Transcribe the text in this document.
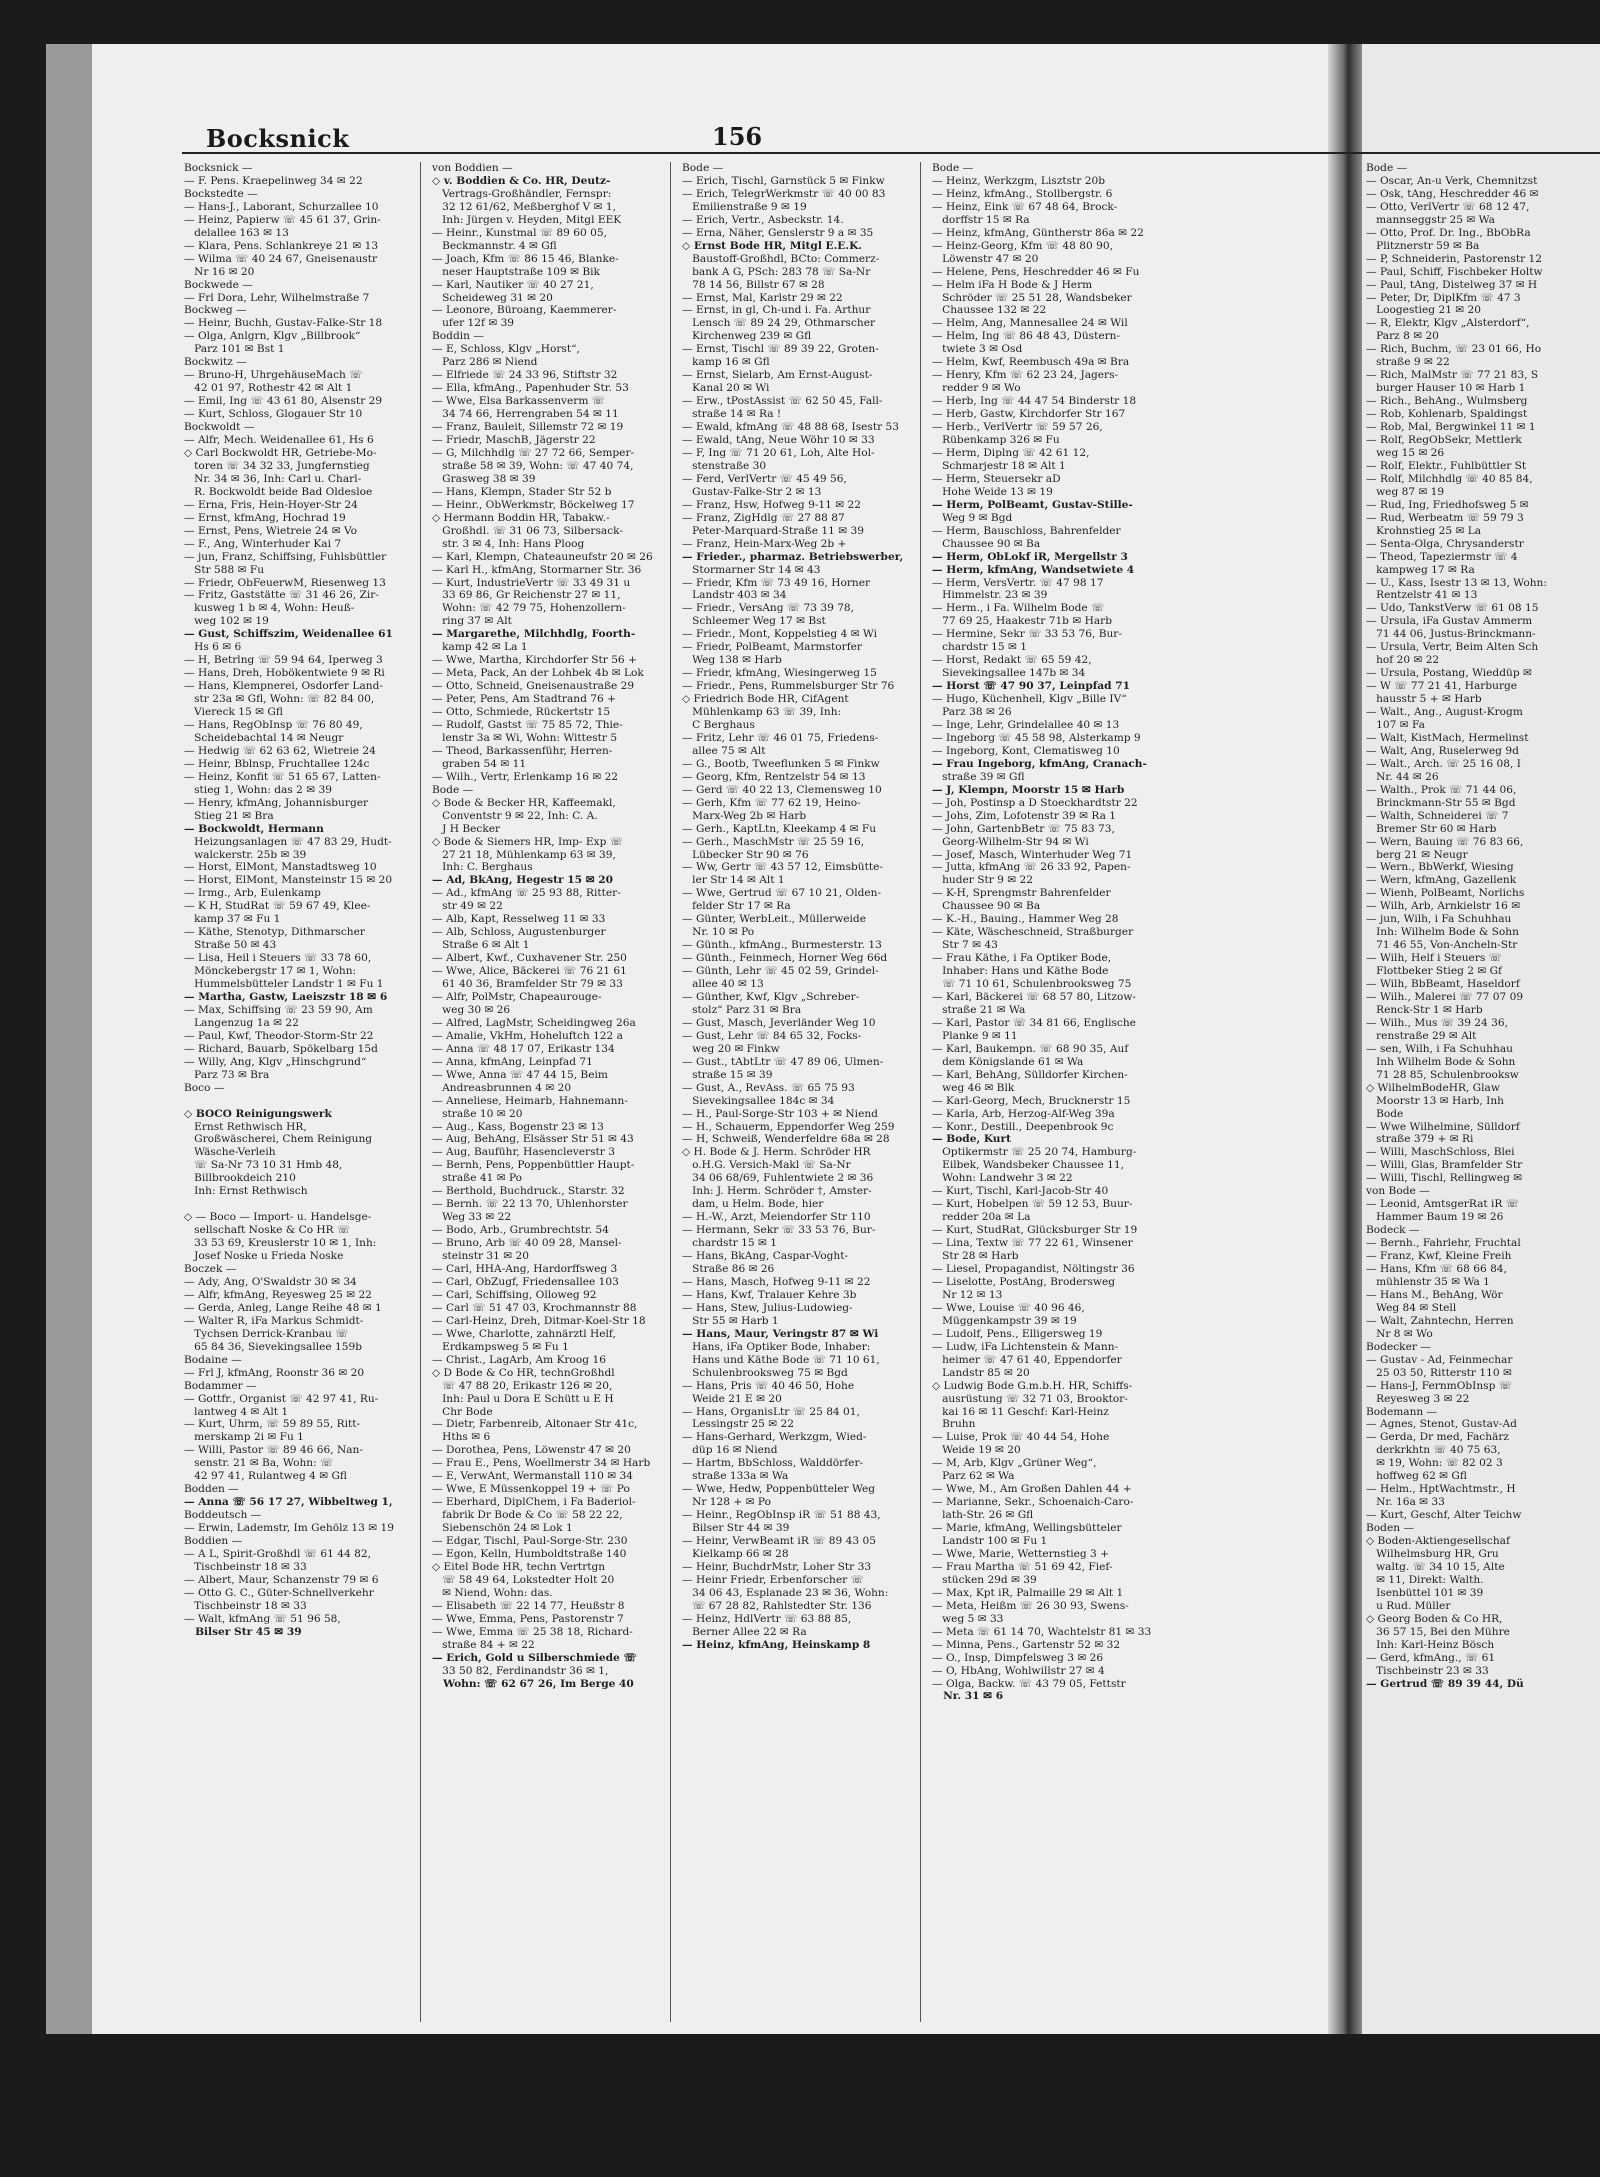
Bode —
— Oscar, An-u Verk, Chemnitzst
— Osk, tAng, Heschredder 46 ✉
— Otto, VerlVertr ☏ 68 12 47,
mannseggstr 25 ✉ Wa
— Otto, Prof. Dr. Ing., BbObRa
Plitznerstr 59 ✉ Ba
— P, Schneiderin, Pastorenstr 12
— Paul, Schiff, Fischbeker Holtw
— Paul, tAng, Distelweg 37 ✉ H
— Peter, Dr, DiplKfm ☏ 47 3
Loogestieg 21 ✉ 20
— R, Elektr, Klgv „Alsterdorf“,
Parz 8 ✉ 20
— Rich, Buchm, ☏ 23 01 66, Ho
straße 9 ✉ 22
— Rich, MalMstr ☏ 77 21 83, S
burger Hauser 10 ✉ Harb 1
— Rich., BehAng., Wulmsberg
— Rob, Kohlenarb, Spaldingst
— Rob, Mal, Bergwinkel 11 ✉ 1
— Rolf, RegObSekr, Mettlerk
weg 15 ✉ 26
— Rolf, Elektr., Fuhlbüttler St
— Rolf, Milchhdlg ☏ 40 85 84,
weg 87 ✉ 19
— Rud, Ing, Friedhofsweg 5 ✉
— Rud, Werbeatm ☏ 59 79 3
Krohnstieg 25 ✉ La
— Senta-Olga, Chrysanderstr
— Theod, Tapeziermstr ☏ 4
kampweg 17 ✉ Ra
— U., Kass, Isestr 13 ✉ 13, Wohn:
Rentzelstr 41 ✉ 13
— Udo, TankstVerw ☏ 61 08 15
— Ursula, iFa Gustav Ammerm
71 44 06, Justus-Brinckmann-
— Ursula, Vertr, Beim Alten Sch
hof 20 ✉ 22
— Ursula, Postang, Wieddüp ✉
— W ☏ 77 21 41, Harburge
hausstr 5 + ✉ Harb
— Walt., Ang., August-Krogm
107 ✉ Fa
— Walt, KistMach, Hermelinst
— Walt, Ang, Ruselerweg 9d
— Walt., Arch. ☏ 25 16 08, I
Nr. 44 ✉ 26
— Walth., Prok ☏ 71 44 06,
Brinckmann-Str 55 ✉ Bgd
— Walth, Schneiderei ☏ 7
Bremer Str 60 ✉ Harb
— Wern, Bauing ☏ 76 83 66,
berg 21 ✉ Neugr
— Wern., BbWerkf, Wiesing
— Wern, kfmAng, Gazellenk
— Wienh, PolBeamt, Norlichs
— Wilh, Arb, Arnkielstr 16 ✉
— jun, Wilh, i Fa Schuhhau
Inh: Wilhelm Bode & Sohn
71 46 55, Von-Ancheln-Str
— Wilh, Helf i Steuers ☏
Flottbeker Stieg 2 ✉ Gf
— Wilh, BbBeamt, Haseldorf
— Wilh., Malerei ☏ 77 07 09
Renck-Str 1 ✉ Harb
— Wilh., Mus ☏ 39 24 36,
renstraße 29 ✉ Alt
— sen, Wilh, i Fa Schuhhau
Inh Wilhelm Bode & Sohn
71 28 85, Schulenbrooksw
◇ WilhelmBodeHR, Glaw
Moorstr 13 ✉ Harb, Inh
Bode
— Wwe Wilhelmine, Sülldorf
straße 379 + ✉ Ri
— Willi, MaschSchloss, Blei
— Willi, Glas, Bramfelder Str
— Willi, Tischl, Rellingweg ✉
von Bode —
— Leonid, AmtsgerRat iR ☏
Hammer Baum 19 ✉ 26
Bodeck —
— Bernh., Fahrlehr, Fruchtal
— Franz, Kwf, Kleine Freih
— Hans, Kfm ☏ 68 66 84,
mühlenstr 35 ✉ Wa 1
— Hans M., BehAng, Wör
Weg 84 ✉ Stell
— Walt, Zahntechn, Herren
Nr 8 ✉ Wo
Bodecker —
— Gustav - Ad, Feinmechar
25 03 50, Ritterstr 110 ✉
— Hans-J, FernmObInsp ☏
Reyesweg 3 ✉ 22
Bodemann —
— Agnes, Stenot, Gustav-Ad
— Gerda, Dr med, Fachärz
derkrkhtn ☏ 40 75 63,
✉ 19, Wohn: ☏ 82 02 3
hoffweg 62 ✉ Gfl
— Helm., HptWachtmstr., H
Nr. 16a ✉ 33
— Kurt, Geschf, Alter Teichw
Boden —
◇ Boden-Aktiengesellschaf
Wilhelmsburg HR, Gru
waltg. ☏ 34 10 15, Alte
✉ 11, Direkt: Walth.
Isenbüttel 101 ✉ 39
u Rud. Müller
◇ Georg Boden & Co HR,
36 57 15, Bei den Mühre
Inh: Karl-Heinz Bösch
— Gerd, kfmAng., ☏ 61
Tischbeinstr 23 ✉ 33
— Gertrud ☏ 89 39 44, Dü
Bocksnick	156
Bocksnick —
— F. Pens. Kraepelinweg 34 ✉ 22
Bockstedte —
— Hans-J., Laborant, Schurzallee 10
— Heinz, Papierw ☏ 45 61 37, Grin-
delallee 163 ✉ 13
— Klara, Pens. Schlankreye 21 ✉ 13
— Wilma ☏ 40 24 67, Gneisenaustr
Nr 16 ✉ 20
Bockwede —
— Frl Dora, Lehr, Wilhelmstraße 7
Bockweg —
— Heinr, Buchh, Gustav-Falke-Str 18
— Olga, Anlgrn, Klgv „Billbrook“
Parz 101 ✉ Bst 1
Bockwitz —
— Bruno-H, UhrgehäuseMach ☏
42 01 97, Rothestr 42 ✉ Alt 1
— Emil, Ing ☏ 43 61 80, Alsenstr 29
— Kurt, Schloss, Glogauer Str 10
Bockwoldt —
— Alfr, Mech. Weidenallee 61, Hs 6
◇ Carl Bockwoldt HR, Getriebe-Mo-
toren ☏ 34 32 33, Jungfernstieg
Nr. 34 ✉ 36, Inh: Carl u. Charl-
R. Bockwoldt beide Bad Oldesloe
— Erna, Fris, Hein-Hoyer-Str 24
— Ernst, kfmAng, Hochrad 19
— Ernst, Pens, Wietreie 24 ✉ Vo
— F., Ang, Winterhuder Kai 7
— jun, Franz, Schiffsing, Fuhlsbüttler
Str 588 ✉ Fu
— Friedr, ObFeuerwM, Riesenweg 13
— Fritz, Gaststätte ☏ 31 46 26, Zir-
kusweg 1 b ✉ 4, Wohn: Heuß-
weg 102 ✉ 19
— Gust, Schiffszim, Weidenallee 61
Hs 6 ✉ 6
— H, Betrlng ☏ 59 94 64, Iperweg 3
— Hans, Dreh, Hobökentwiete 9 ✉ Ri
— Hans, Klempnerei, Osdorfer Land-
str 23a ✉ Gfl, Wohn: ☏ 82 84 00,
Viereck 15 ✉ Gfl
— Hans, RegObInsp ☏ 76 80 49,
Scheidebachtal 14 ✉ Neugr
— Hedwig ☏ 62 63 62, Wietreie 24
— Heinr, Bblnsp, Fruchtallee 124c
— Heinz, Konfit ☏ 51 65 67, Latten-
stieg 1, Wohn: das 2 ✉ 39
— Henry, kfmAng, Johannisburger
Stieg 21 ✉ Bra
— Bockwoldt, Hermann
Heizungsanlagen ☏ 47 83 29, Hudt-
walckerstr. 25b ✉ 39
— Horst, ElMont, Manstadtsweg 10
— Horst, ElMont, Mansteinstr 15 ✉ 20
— Irmg., Arb, Eulenkamp
— K H, StudRat ☏ 59 67 49, Klee-
kamp 37 ✉ Fu 1
— Käthe, Stenotyp, Dithmarscher
Straße 50 ✉ 43
— Lisa, Heil i Steuers ☏ 33 78 60,
Mönckebergstr 17 ✉ 1, Wohn:
Hummelsbütteler Landstr 1 ✉ Fu 1
— Martha, Gastw, Laeiszstr 18 ✉ 6
— Max, Schiffsing ☏ 23 59 90, Am
Langenzug 1a ✉ 22
— Paul, Kwf, Theodor-Storm-Str 22
— Richard, Bauarb, Spökelbarg 15d
— Willy, Ang, Klgv „Hinschgrund“
Parz 73 ✉ Bra
Boco —

◇ BOCO Reinigungswerk
Ernst Rethwisch HR,
Großwäscherei, Chem Reinigung
Wäsche-Verleih
☏ Sa-Nr 73 10 31 Hmb 48,
Billbrookdeich 210
Inh: Ernst Rethwisch

◇ — Boco — Import- u. Handelsge-
sellschaft Noske & Co HR ☏
33 53 69, Kreuslerstr 10 ✉ 1, Inh:
Josef Noske u Frieda Noske
Boczek —
— Ady, Ang, O'Swaldstr 30 ✉ 34
— Alfr, kfmAng, Reyesweg 25 ✉ 22
— Gerda, Anleg, Lange Reihe 48 ✉ 1
— Walter R, iFa Markus Schmidt-
Tychsen Derrick-Kranbau ☏
65 84 36, Sievekingsallee 159b
Bodaine —
— Frl J, kfmAng, Roonstr 36 ✉ 20
Bodammer —
— Gottfr., Organist ☏ 42 97 41, Ru-
lantweg 4 ✉ Alt 1
— Kurt, Uhrm, ☏ 59 89 55, Ritt-
merskamp 2i ✉ Fu 1
— Willi, Pastor ☏ 89 46 66, Nan-
senstr. 21 ✉ Ba, Wohn: ☏
42 97 41, Rulantweg 4 ✉ Gfl
Bodden —
— Anna ☏ 56 17 27, Wibbeltweg 1,
Boddeutsch —
— Erwin, Lademstr, Im Gehölz 13 ✉ 19
Boddien —
— A L, Spirit-Großhdl ☏ 61 44 82,
Tischbeinstr 18 ✉ 33
— Albert, Maur, Schanzenstr 79 ✉ 6
— Otto G. C., Güter-Schnellverkehr
Tischbeinstr 18 ✉ 33
— Walt, kfmAng ☏ 51 96 58,
Bilser Str 45 ✉ 39
von Boddien —
◇ v. Boddien & Co. HR, Deutz-
Vertrags-Großhändler, Fernspr:
32 12 61/62, Meßberghof V ✉ 1,
Inh: Jürgen v. Heyden, Mitgl EEK
— Heinr., Kunstmal ☏ 89 60 05,
Beckmannstr. 4 ✉ Gfl
— Joach, Kfm ☏ 86 15 46, Blanke-
neser Hauptstraße 109 ✉ Bik
— Karl, Nautiker ☏ 40 27 21,
Scheideweg 31 ✉ 20
— Leonore, Büroang, Kaemmerer-
ufer 12f ✉ 39
Boddin —
— E, Schloss, Klgv „Horst“,
Parz 286 ✉ Niend
— Elfriede ☏ 24 33 96, Stiftstr 32
— Ella, kfmAng., Papenhuder Str. 53
— Wwe, Elsa Barkassenverm ☏
34 74 66, Herrengraben 54 ✉ 11
— Franz, Bauleit, Sillemstr 72 ✉ 19
— Friedr, MaschB, Jägerstr 22
— G, Milchhdlg ☏ 27 72 66, Semper-
straße 58 ✉ 39, Wohn: ☏ 47 40 74,
Grasweg 38 ✉ 39
— Hans, Klempn, Stader Str 52 b
— Heinr., ObWerkmstr, Böckelweg 17
◇ Hermann Boddin HR, Tabakw.-
Großhdl. ☏ 31 06 73, Silbersack-
str. 3 ✉ 4, Inh: Hans Ploog
— Karl, Klempn, Chateauneufstr 20 ✉ 26
— Karl H., kfmAng, Stormarner Str. 36
— Kurt, IndustrieVertr ☏ 33 49 31 u
33 69 86, Gr Reichenstr 27 ✉ 11,
Wohn: ☏ 42 79 75, Hohenzollern-
ring 37 ✉ Alt
— Margarethe, Milchhdlg, Foorth-
kamp 42 ✉ La 1
— Wwe, Martha, Kirchdorfer Str 56 +
— Meta, Pack, An der Lohbek 4b ✉ Lok
— Otto, Schneid, Gneisenaustraße 29
— Peter, Pens, Am Stadtrand 76 +
— Otto, Schmiede, Rückertstr 15
— Rudolf, Gastst ☏ 75 85 72, Thie-
lenstr 3a ✉ Wi, Wohn: Wittestr 5
— Theod, Barkassenführ, Herren-
graben 54 ✉ 11
— Wilh., Vertr, Erlenkamp 16 ✉ 22
Bode —
◇ Bode & Becker HR, Kaffeemakl,
Conventstr 9 ✉ 22, Inh: C. A.
J H Becker
◇ Bode & Siemers HR, Imp- Exp ☏
27 21 18, Mühlenkamp 63 ✉ 39,
Inh: C. Berghaus
— Ad, BkAng, Hegestr 15 ✉ 20
— Ad., kfmAng ☏ 25 93 88, Ritter-
str 49 ✉ 22
— Alb, Kapt, Resselweg 11 ✉ 33
— Alb, Schloss, Augustenburger
Straße 6 ✉ Alt 1
— Albert, Kwf., Cuxhavener Str. 250
— Wwe, Alice, Bäckerei ☏ 76 21 61
61 40 36, Bramfelder Str 79 ✉ 33
— Alfr, PolMstr, Chapeaurouge-
weg 30 ✉ 26
— Alfred, LagMstr, Scheidingweg 26a
— Amalie, VkHm, Hoheluftch 122 a
— Anna ☏ 48 17 07, Erikastr 134
— Anna, kfmAng, Leinpfad 71
— Wwe, Anna ☏ 47 44 15, Beim
Andreasbrunnen 4 ✉ 20
— Anneliese, Heimarb, Hahnemann-
straße 10 ✉ 20
— Aug., Kass, Bogenstr 23 ✉ 13
— Aug, BehAng, Elsässer Str 51 ✉ 43
— Aug, Bauführ, Hasencleverstr 3
— Bernh, Pens, Poppenbüttler Haupt-
straße 41 ✉ Po
— Berthold, Buchdruck., Starstr. 32
— Bernh. ☏ 22 13 70, Uhlenhorster
Weg 33 ✉ 22
— Bodo, Arb., Grumbrechtstr. 54
— Bruno, Arb ☏ 40 09 28, Mansel-
steinstr 31 ✉ 20
— Carl, HHA-Ang, Hardorffsweg 3
— Carl, ObZugf, Friedensallee 103
— Carl, Schiffsing, Olloweg 92
— Carl ☏ 51 47 03, Krochmannstr 88
— Carl-Heinz, Dreh, Ditmar-Koel-Str 18
— Wwe, Charlotte, zahnärztl Helf,
Erdkampsweg 5 ✉ Fu 1
— Christ., LagArb, Am Kroog 16
◇ D Bode & Co HR, technGroßhdl
☏ 47 88 20, Erikastr 126 ✉ 20,
Inh: Paul u Dora E Schütt u E H
Chr Bode
— Dietr, Farbenreib, Altonaer Str 41c,
Hths ✉ 6
— Dorothea, Pens, Löwenstr 47 ✉ 20
— Frau E., Pens, Woellmerstr 34 ✉ Harb
— E, VerwAnt, Wermanstall 110 ✉ 34
— Wwe, E Müssenkoppel 19 + ☏ Po
— Eberhard, DiplChem, i Fa Baderiol-
fabrik Dr Bode & Co ☏ 58 22 22,
Siebenschön 24 ✉ Lok 1
— Edgar, Tischl, Paul-Sorge-Str. 230
— Egon, Kelln, Humboldtstraße 140
◇ Eitel Bode HR, techn Vertrtgn
☏ 58 49 64, Lokstedter Holt 20
✉ Niend, Wohn: das.
— Elisabeth ☏ 22 14 77, Heußstr 8
— Wwe, Emma, Pens, Pastorenstr 7
— Wwe, Emma ☏ 25 38 18, Richard-
straße 84 + ✉ 22
— Erich, Gold u Silberschmiede ☏
33 50 82, Ferdinandstr 36 ✉ 1,
Wohn: ☏ 62 67 26, Im Berge 40
Bode —
— Erich, Tischl, Garnstück 5 ✉ Finkw
— Erich, TelegrWerkmstr ☏ 40 00 83
Emilienstraße 9 ✉ 19
— Erich, Vertr., Asbeckstr. 14.
— Erna, Näher, Genslerstr 9 a ✉ 35
◇ Ernst Bode HR, Mitgl E.E.K.
Baustoff-Großhdl, BCto: Commerz-
bank A G, PSch: 283 78 ☏ Sa-Nr
78 14 56, Billstr 67 ✉ 28
— Ernst, Mal, Karlstr 29 ✉ 22
— Ernst, in gl, Ch-und i. Fa. Arthur
Lensch ☏ 89 24 29, Othmarscher
Kirchenweg 239 ✉ Gfl
— Ernst, Tischl ☏ 89 39 22, Groten-
kamp 16 ✉ Gfl
— Ernst, Sielarb, Am Ernst-August-
Kanal 20 ✉ Wi
— Erw., tPostAssist ☏ 62 50 45, Fall-
straße 14 ✉ Ra !
— Ewald, kfmAng ☏ 48 88 68, Isestr 53
— Ewald, tAng, Neue Wöhr 10 ✉ 33
— F, Ing ☏ 71 20 61, Loh, Alte Hol-
stenstraße 30
— Ferd, VerlVertr ☏ 45 49 56,
Gustav-Falke-Str 2 ✉ 13
— Franz, Hsw, Hofweg 9-11 ✉ 22
— Franz, ZigHdlg ☏ 27 88 87
Peter-Marquard-Straße 11 ✉ 39
— Franz, Hein-Marx-Weg 2b +
— Frieder., pharmaz. Betriebswerber,
Stormarner Str 14 ✉ 43
— Friedr, Kfm ☏ 73 49 16, Horner
Landstr 403 ✉ 34
— Friedr., VersAng ☏ 73 39 78,
Schleemer Weg 17 ✉ Bst
— Friedr., Mont, Koppelstieg 4 ✉ Wi
— Friedr, PolBeamt, Marmstorfer
Weg 138 ✉ Harb
— Friedr, kfmAng, Wiesingerweg 15
— Friedr., Pens, Rummelsburger Str 76
◇ Friedrich Bode HR, CifAgent
Mühlenkamp 63 ☏ 39, Inh:
C Berghaus
— Fritz, Lehr ☏ 46 01 75, Friedens-
allee 75 ✉ Alt
— G., Bootb, Tweeflunken 5 ✉ Finkw
— Georg, Kfm, Rentzelstr 54 ✉ 13
— Gerd ☏ 40 22 13, Clemensweg 10
— Gerh, Kfm ☏ 77 62 19, Heino-
Marx-Weg 2b ✉ Harb
— Gerh., KaptLtn, Kleekamp 4 ✉ Fu
— Gerh., MaschMstr ☏ 25 59 16,
Lübecker Str 90 ✉ 76
— Ww, Gertr ☏ 43 57 12, Eimsbütte-
ler Str 14 ✉ Alt 1
— Wwe, Gertrud ☏ 67 10 21, Olden-
felder Str 17 ✉ Ra
— Günter, WerbLeit., Müllerweide
Nr. 10 ✉ Po
— Günth., kfmAng., Burmesterstr. 13
— Günth., Feinmech, Horner Weg 66d
— Günth, Lehr ☏ 45 02 59, Grindel-
allee 40 ✉ 13
— Günther, Kwf, Klgv „Schreber-
stolz“ Parz 31 ✉ Bra
— Gust, Masch, Jeverländer Weg 10
— Gust, Lehr ☏ 84 65 32, Focks-
weg 20 ✉ Finkw
— Gust., tAbtLtr ☏ 47 89 06, Ulmen-
straße 15 ✉ 39
— Gust, A., RevAss. ☏ 65 75 93
Sievekingsallee 184c ✉ 34
— H., Paul-Sorge-Str 103 + ✉ Niend
— H., Schauerm, Eppendorfer Weg 259
— H, Schweiß, Wenderfeldre 68a ✉ 28
◇ H. Bode & J. Herm. Schröder HR
o.H.G. Versich-Makl ☏ Sa-Nr
34 06 68/69, Fuhlentwiete 2 ✉ 36
Inh: J. Herm. Schröder †, Amster-
dam, u Helm. Bode, hier
— H.-W., Arzt, Meiendorfer Str 110
— Hermann, Sekr ☏ 33 53 76, Bur-
chardstr 15 ✉ 1
— Hans, BkAng, Caspar-Voght-
Straße 86 ✉ 26
— Hans, Masch, Hofweg 9-11 ✉ 22
— Hans, Kwf, Tralauer Kehre 3b
— Hans, Stew, Julius-Ludowieg-
Str 55 ✉ Harb 1
— Hans, Maur, Veringstr 87 ✉ Wi
Hans, iFa Optiker Bode, Inhaber:
Hans und Käthe Bode ☏ 71 10 61,
Schulenbrooksweg 75 ✉ Bgd
— Hans, Pris ☏ 40 46 50, Hohe
Weide 21 E ✉ 20
— Hans, OrganisLtr ☏ 25 84 01,
Lessingstr 25 ✉ 22
— Hans-Gerhard, Werkzgm, Wied-
düp 16 ✉ Niend
— Hartm, BbSchloss, Walddörfer-
straße 133a ✉ Wa
— Wwe, Hedw, Poppenbütteler Weg
Nr 128 + ✉ Po
— Heinr., RegObInsp iR ☏ 51 88 43,
Bilser Str 44 ✉ 39
— Heinr, VerwBeamt iR ☏ 89 43 05
Kielkamp 66 ✉ 28
— Heinr, BuchdrMstr, Loher Str 33
— Heinr Friedr, Erbenforscher ☏
34 06 43, Esplanade 23 ✉ 36, Wohn:
☏ 67 28 82, Rahlstedter Str. 136
— Heinz, HdlVertr ☏ 63 88 85,
Berner Allee 22 ✉ Ra
— Heinz, kfmAng, Heinskamp 8
Bode —
— Heinz, Werkzgm, Lisztstr 20b
— Heinz, kfmAng., Stollbergstr. 6
— Heinz, Eink ☏ 67 48 64, Brock-
dorffstr 15 ✉ Ra
— Heinz, kfmAng, Güntherstr 86a ✉ 22
— Heinz-Georg, Kfm ☏ 48 80 90,
Löwenstr 47 ✉ 20
— Helene, Pens, Heschredder 46 ✉ Fu
— Helm iFa H Bode & J Herm
Schröder ☏ 25 51 28, Wandsbeker
Chaussee 132 ✉ 22
— Helm, Ang, Mannesallee 24 ✉ Wil
— Helm, Ing ☏ 86 48 43, Düstern-
twiete 3 ✉ Osd
— Helm, Kwf, Reembusch 49a ✉ Bra
— Henry, Kfm ☏ 62 23 24, Jagers-
redder 9 ✉ Wo
— Herb, Ing ☏ 44 47 54 Binderstr 18
— Herb, Gastw, Kirchdorfer Str 167
— Herb., VerlVertr ☏ 59 57 26,
Rübenkamp 326 ✉ Fu
— Herm, Diplng ☏ 42 61 12,
Schmarjestr 18 ✉ Alt 1
— Herm, Steuersekr aD
Hohe Weide 13 ✉ 19
— Herm, PolBeamt, Gustav-Stille-
Weg 9 ✉ Bgd
— Herm, Bauschloss, Bahrenfelder
Chaussee 90 ✉ Ba
— Herm, ObLokf iR, Mergellstr 3
— Herm, kfmAng, Wandsetwiete 4
— Herm, VersVertr. ☏ 47 98 17
Himmelstr. 23 ✉ 39
— Herm., i Fa. Wilhelm Bode ☏
77 69 25, Haakestr 71b ✉ Harb
— Hermine, Sekr ☏ 33 53 76, Bur-
chardstr 15 ✉ 1
— Horst, Redakt ☏ 65 59 42,
Sievekingsallee 147b ✉ 34
— Horst ☏ 47 90 37, Leinpfad 71
— Hugo, Küchenhell, Klgv „Bille IV“
Parz 38 ✉ 26
— Inge, Lehr, Grindelallee 40 ✉ 13
— Ingeborg ☏ 45 58 98, Alsterkamp 9
— Ingeborg, Kont, Clematisweg 10
— Frau Ingeborg, kfmAng, Cranach-
straße 39 ✉ Gfl
— J, Klempn, Moorstr 15 ✉ Harb
— Joh, Postinsp a D Stoeckhardtstr 22
— Johs, Zim, Lofotenstr 39 ✉ Ra 1
— John, GartenbBetr ☏ 75 83 73,
Georg-Wilhelm-Str 94 ✉ Wi
— Josef, Masch, Winterhuder Weg 71
— Jutta, kfmAng ☏ 26 33 92, Papen-
huder Str 9 ✉ 22
— K-H, Sprengmstr Bahrenfelder
Chaussee 90 ✉ Ba
— K.-H., Bauing., Hammer Weg 28
— Käte, Wäscheschneid, Straßburger
Str 7 ✉ 43
— Frau Käthe, i Fa Optiker Bode,
Inhaber: Hans und Käthe Bode
☏ 71 10 61, Schulenbrooksweg 75
— Karl, Bäckerei ☏ 68 57 80, Litzow-
straße 21 ✉ Wa
— Karl, Pastor ☏ 34 81 66, Englische
Planke 9 ✉ 11
— Karl, Baukempn. ☏ 68 90 35, Auf
dem Königslande 61 ✉ Wa
— Karl, BehAng, Sülldorfer Kirchen-
weg 46 ✉ Blk
— Karl-Georg, Mech, Brucknerstr 15
— Karla, Arb, Herzog-Alf-Weg 39a
— Konr., Destill., Deepenbrook 9c
— Bode, Kurt
Optikermstr ☏ 25 20 74, Hamburg-
Eilbek, Wandsbeker Chaussee 11,
Wohn: Landwehr 3 ✉ 22
— Kurt, Tischl, Karl-Jacob-Str 40
— Kurt, Hobelpen ☏ 59 12 53, Buur-
redder 20a ✉ La
— Kurt, StudRat, Glücksburger Str 19
— Lina, Textw ☏ 77 22 61, Winsener
Str 28 ✉ Harb
— Liesel, Propagandist, Nöltingstr 36
— Liselotte, PostAng, Brodersweg
Nr 12 ✉ 13
— Wwe, Louise ☏ 40 96 46,
Müggenkampstr 39 ✉ 19
— Ludolf, Pens., Elligersweg 19
— Ludw, iFa Lichtenstein & Mann-
heimer ☏ 47 61 40, Eppendorfer
Landstr 85 ✉ 20
◇ Ludwig Bode G.m.b.H. HR, Schiffs-
ausrüstung ☏ 32 71 03, Brooktor-
kai 16 ✉ 11 Geschf: Karl-Heinz
Bruhn
— Luise, Prok ☏ 40 44 54, Hohe
Weide 19 ✉ 20
— M, Arb, Klgv „Grüner Weg“,
Parz 62 ✉ Wa
— Wwe, M., Am Großen Dahlen 44 +
— Marianne, Sekr., Schoenaich-Caro-
lath-Str. 26 ✉ Gfl
— Marie, kfmAng, Wellingsbütteler
Landstr 100 ✉ Fu 1
— Wwe, Marie, Wetternstieg 3 +
— Frau Martha ☏ 51 69 42, Fief-
stücken 29d ✉ 39
— Max, Kpt iR, Palmaille 29 ✉ Alt 1
— Meta, Heißm ☏ 26 30 93, Swens-
weg 5 ✉ 33
— Meta ☏ 61 14 70, Wachtelstr 81 ✉ 33
— Minna, Pens., Gartenstr 52 ✉ 32
— O., Insp, Dimpfelsweg 3 ✉ 26
— O, HbAng, Wohlwillstr 27 ✉ 4
— Olga, Backw. ☏ 43 79 05, Fettstr
Nr. 31 ✉ 6
